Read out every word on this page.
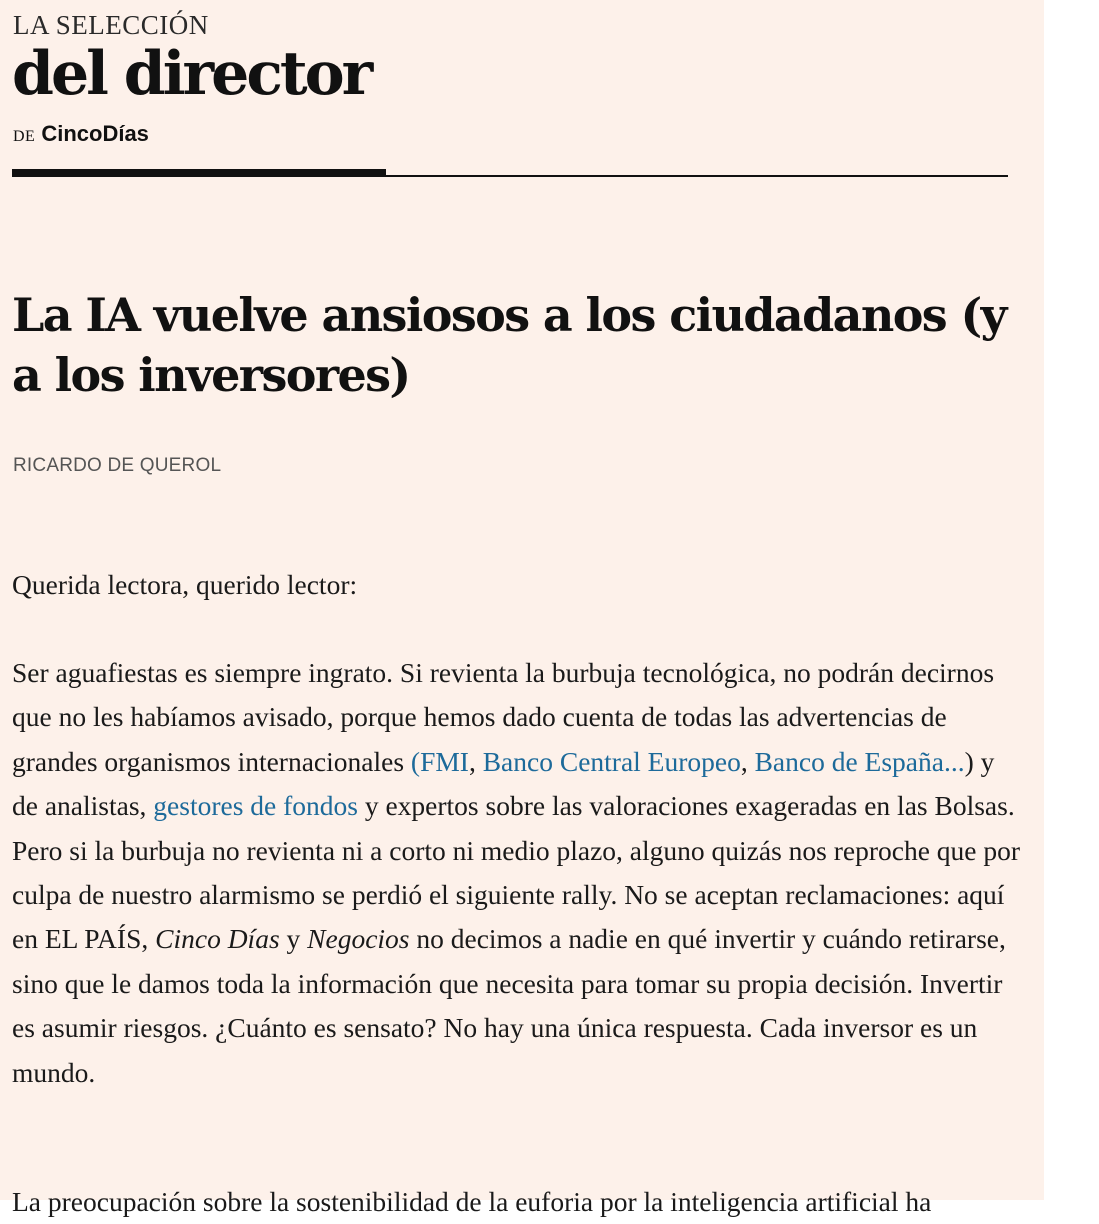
LA SELECCIÓN
del director
DE CincoDías
La IA vuelve ansiosos a los ciudadanos (y a los inversores)
RICARDO DE QUEROL
Querida lectora, querido lector:

Ser aguafiestas es siempre ingrato. Si revienta la burbuja tecnológica, no podrán decirnos que no les habíamos avisado, porque hemos dado cuenta de todas las advertencias de grandes organismos internacionales (FMI, Banco Central Europeo, Banco de España...) y de analistas, gestores de fondos y expertos sobre las valoraciones exageradas en las Bolsas. Pero si la burbuja no revienta ni a corto ni medio plazo, alguno quizás nos reproche que por culpa de nuestro alarmismo se perdió el siguiente rally. No se aceptan reclamaciones: aquí en EL PAÍS, Cinco Días y Negocios no decimos a nadie en qué invertir y cuándo retirarse, sino que le damos toda la información que necesita para tomar su propia decisión. Invertir es asumir riesgos. ¿Cuánto es sensato? No hay una única respuesta. Cada inversor es un mundo.

La preocupación sobre la sostenibilidad de la euforia por la inteligencia artificial ha
